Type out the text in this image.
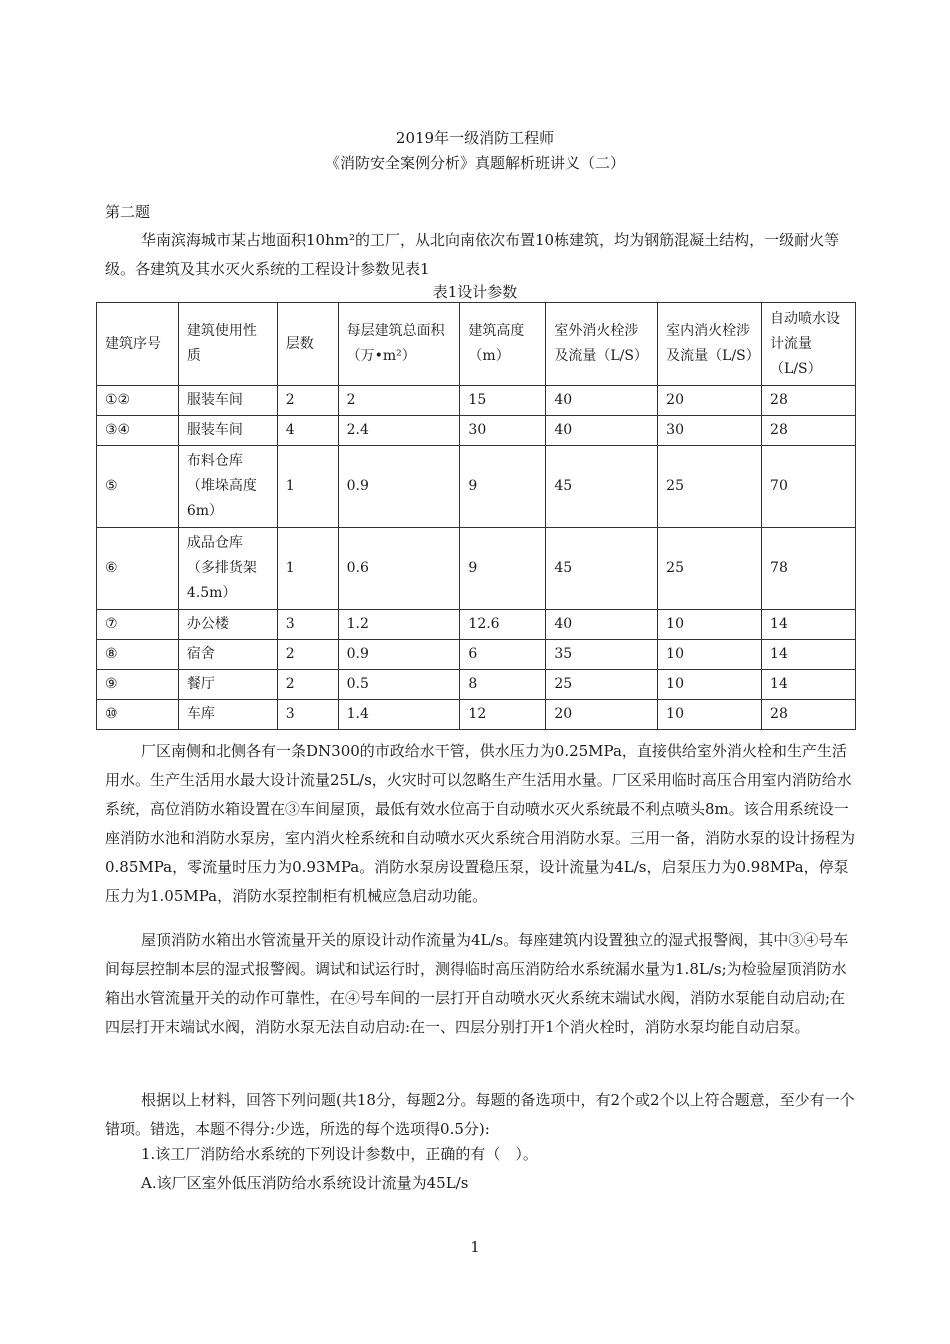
2019年一级消防工程师
《消防安全案例分析》真题解析班讲义（二）
第二题
华南滨海城市某占地面积10hm²的工厂，从北向南依次布置10栋建筑，均为钢筋混凝土结构，一级耐火等级。各建筑及其水灭火系统的工程设计参数见表1
表1设计参数
建筑序号	建筑使用性质	层数	每层建筑总面积（万•m²）	建筑高度（m）	室外消火栓涉及流量（L/S）	室内消火栓涉及流量（L/S）	自动喷水设计流量（L/S）
①②	服装车间	2	2	15	40	20	28
③④	服装车间	4	2.4	30	40	30	28
⑤	布料仓库（堆垛高度6m）	1	0.9	9	45	25	70
⑥	成品仓库（多排货架4.5m）	1	0.6	9	45	25	78
⑦	办公楼	3	1.2	12.6	40	10	14
⑧	宿舍	2	0.9	6	35	10	14
⑨	餐厅	2	0.5	8	25	10	14
⑩	车库	3	1.4	12	20	10	28
厂区南侧和北侧各有一条DN300的市政给水干管，供水压力为0.25MPa，直接供给室外消火栓和生产生活用水。生产生活用水最大设计流量25L/s，火灾时可以忽略生产生活用水量。厂区采用临时高压合用室内消防给水系统，高位消防水箱设置在③车间屋顶，最低有效水位高于自动喷水灭火系统最不利点喷头8m。该合用系统设一座消防水池和消防水泵房，室内消火栓系统和自动喷水灭火系统合用消防水泵。三用一备，消防水泵的设计扬程为0.85MPa，零流量时压力为0.93MPa。消防水泵房设置稳压泵，设计流量为4L/s，启泵压力为0.98MPa，停泵压力为1.05MPa，消防水泵控制柜有机械应急启动功能。
屋顶消防水箱出水管流量开关的原设计动作流量为4L/s。每座建筑内设置独立的湿式报警阀，其中③④号车间每层控制本层的湿式报警阀。调试和试运行时，测得临时高压消防给水系统漏水量为1.8L/s;为检验屋顶消防水箱出水管流量开关的动作可靠性，在④号车间的一层打开自动喷水灭火系统末端试水阀，消防水泵能自动启动;在四层打开末端试水阀，消防水泵无法自动启动:在一、四层分别打开1个消火栓时，消防水泵均能自动启泵。
根据以上材料，回答下列问题(共18分，每题2分。每题的备选项中，有2个或2个以上符合题意，至少有一个错项。错选，本题不得分:少选，所选的每个选项得0.5分):
1.该工厂消防给水系统的下列设计参数中，正确的有（　）。
A.该厂区室外低压消防给水系统设计流量为45L/s
1
